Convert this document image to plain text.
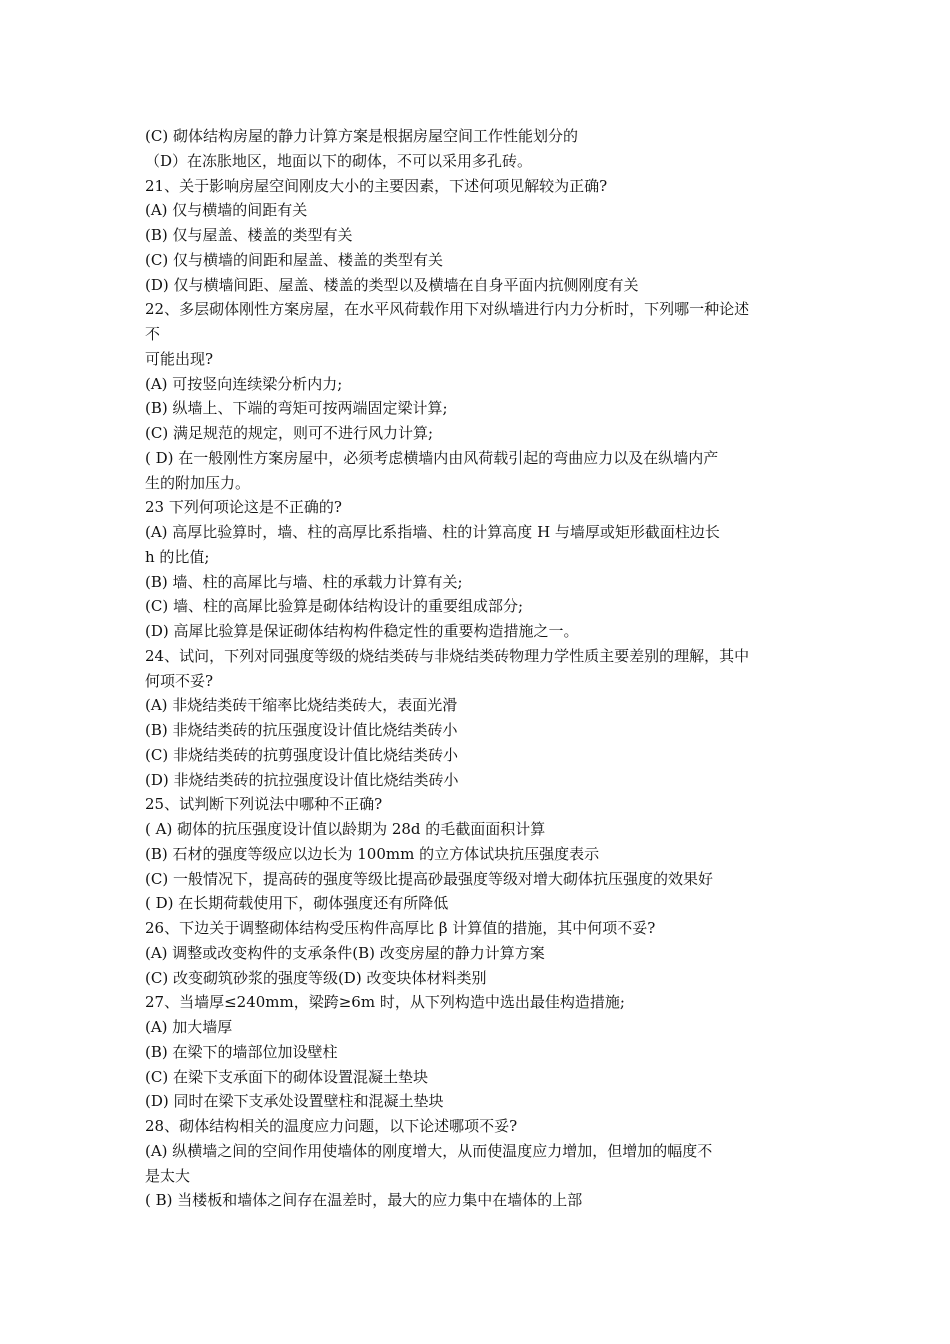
(C) 砌体结构房屋的静力计算方案是根据房屋空间工作性能划分的
（D）在冻胀地区，地面以下的砌体，不可以采用多孔砖。
21、关于影响房屋空间刚皮大小的主要因素，下述何项见解较为正确?
(A) 仅与横墙的间距有关
(B) 仅与屋盖、楼盖的类型有关
(C) 仅与横墙的间距和屋盖、楼盖的类型有关
(D) 仅与横墙间距、屋盖、楼盖的类型以及横墙在自身平面内抗侧刚度有关
22、多层砌体刚性方案房屋，在水平风荷载作用下对纵墙进行内力分析时，下列哪一种论述
不
可能出现?
(A) 可按竖向连续梁分析内力;
(B) 纵墙上、下端的弯矩可按两端固定梁计算;
(C) 满足规范的规定，则可不进行风力计算;
( D) 在一般刚性方案房屋中，必须考虑横墙内由风荷载引起的弯曲应力以及在纵墙内产
生的附加压力。
23 下列何项论这是不正确的?
(A) 高厚比验算时，墙、柱的高厚比系指墙、柱的计算高度 H 与墙厚或矩形截面柱边长
h 的比值;
(B) 墙、柱的高犀比与墙、柱的承载力计算有关;
(C) 墙、柱的高犀比验算是砌体结构设计的重要组成部分;
(D) 高犀比验算是保证砌体结构构件稳定性的重要构造措施之一。
24、试问，下列对同强度等级的烧结类砖与非烧结类砖物理力学性质主要差别的理解，其中
何项不妥?
(A) 非烧结类砖干缩率比烧结类砖大，表面光滑
(B) 非烧结类砖的抗压强度设计值比烧结类砖小
(C) 非烧结类砖的抗剪强度设计值比烧结类砖小
(D) 非烧结类砖的抗拉强度设计值比烧结类砖小
25、试判断下列说法中哪种不正确?
( A) 砌体的抗压强度设计值以龄期为 28d 的毛截面面积计算
(B) 石材的强度等级应以边长为 100mm 的立方体试块抗压强度表示
(C) 一般情况下，提高砖的强度等级比提高砂最强度等级对增大砌体抗压强度的效果好
( D) 在长期荷载使用下，砌体强度还有所降低
26、下边关于调整砌体结构受压构件高厚比 β 计算值的措施，其中何项不妥?
(A) 调整或改变构件的支承条件(B) 改变房屋的静力计算方案
(C) 改变砌筑砂浆的强度等级(D) 改变块体材料类别
27、当墙厚≤240mm，梁跨≥6m 时，从下列构造中选出最佳构造措施;
(A) 加大墙厚
(B) 在梁下的墙部位加设壁柱
(C) 在梁下支承面下的砌体设置混凝土垫块
(D) 同时在梁下支承处设置壁柱和混凝土垫块
28、砌体结构相关的温度应力问题，以下论述哪项不妥?
(A) 纵横墙之间的空间作用使墙体的刚度增大，从而使温度应力增加，但增加的幅度不
是太大
( B) 当楼板和墙体之间存在温差时，最大的应力集中在墙体的上部
